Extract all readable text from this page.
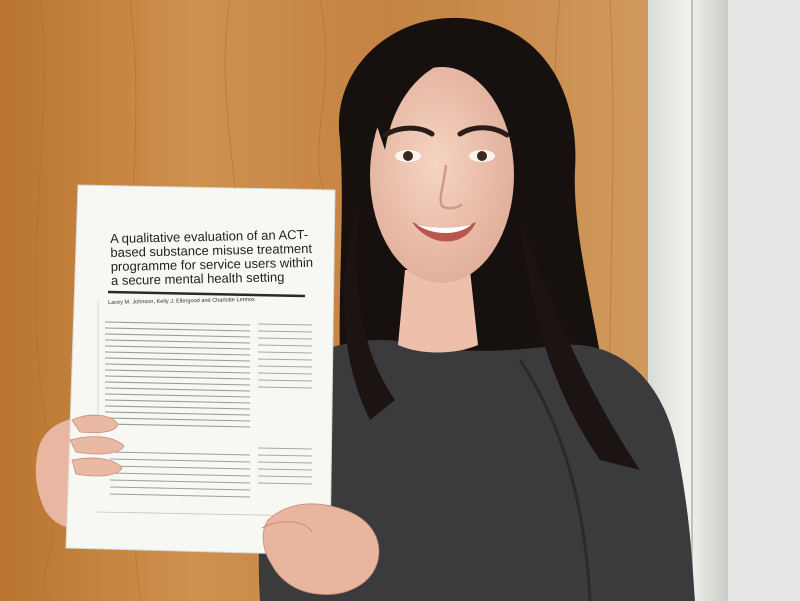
A qualitative evaluation of an ACT-based substance misuse treatment programme for service users within a secure mental health setting
Lacey M. Johnson, Kelly J. Ellergood and Charlotte Lennox
